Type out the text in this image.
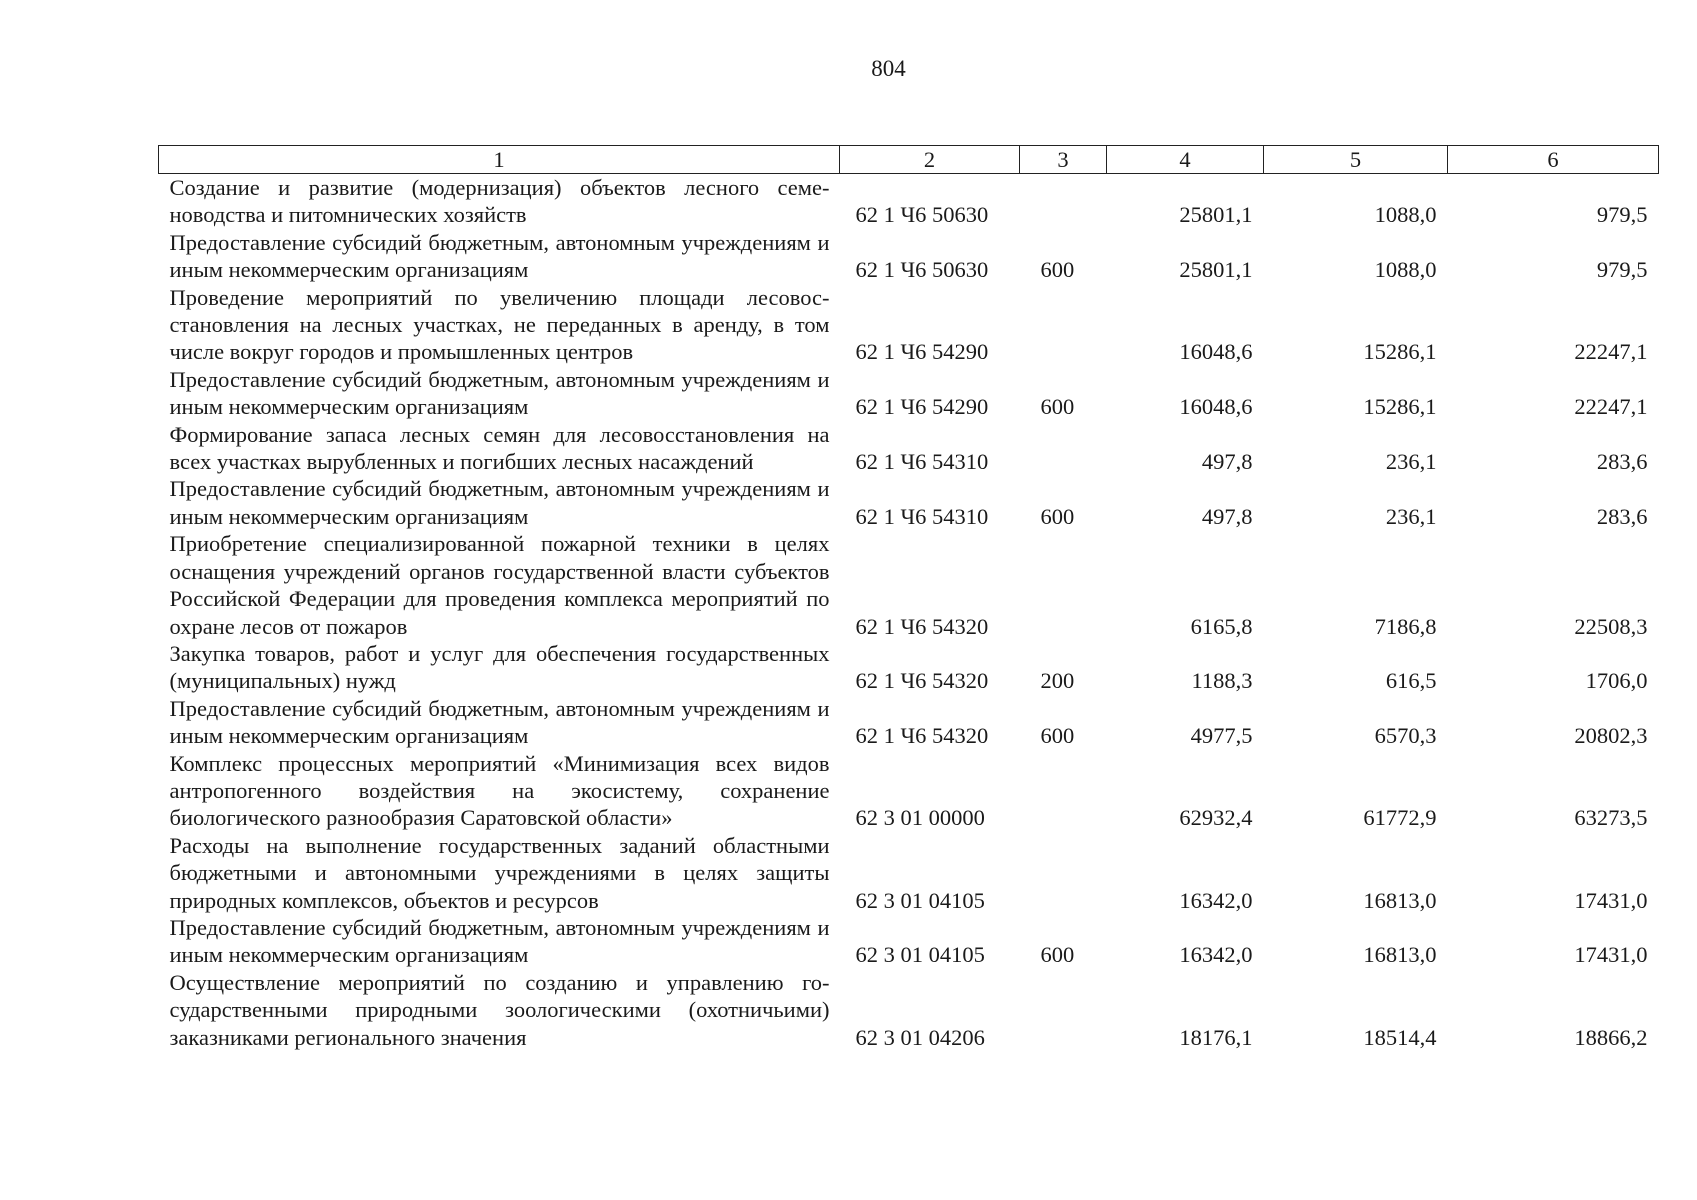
804
1	2	3	4	5	6
Создание и развитие (модернизация) объектов лесного семеноводства и питомнических хозяйств	62 1 Ч6 50630		25801,1	1088,0	979,5
Предоставление субсидий бюджетным, автономным учреждениям и иным некоммерческим организациям	62 1 Ч6 50630	600	25801,1	1088,0	979,5
Проведение мероприятий по увеличению площади лесовосстановления на лесных участках, не переданных в аренду, в том числе вокруг городов и промышленных центров	62 1 Ч6 54290		16048,6	15286,1	22247,1
Предоставление субсидий бюджетным, автономным учреждениям и иным некоммерческим организациям	62 1 Ч6 54290	600	16048,6	15286,1	22247,1
Формирование запаса лесных семян для лесовосстановления на всех участках вырубленных и погибших лесных насаждений	62 1 Ч6 54310		497,8	236,1	283,6
Предоставление субсидий бюджетным, автономным учреждениям и иным некоммерческим организациям	62 1 Ч6 54310	600	497,8	236,1	283,6
Приобретение специализированной пожарной техники в целях оснащения учреждений органов государственной власти субъектов Российской Федерации для проведения комплекса мероприятий по охране лесов от пожаров	62 1 Ч6 54320		6165,8	7186,8	22508,3
Закупка товаров, работ и услуг для обеспечения государственных (муниципальных) нужд	62 1 Ч6 54320	200	1188,3	616,5	1706,0
Предоставление субсидий бюджетным, автономным учреждениям и иным некоммерческим организациям	62 1 Ч6 54320	600	4977,5	6570,3	20802,3
Комплекс процессных мероприятий «Минимизация всех видов антропогенного воздействия на экосистему, сохранение биологического разнообразия Саратовской области»	62 3 01 00000		62932,4	61772,9	63273,5
Расходы на выполнение государственных заданий областными бюджетными и автономными учреждениями в целях защиты природных комплексов, объектов и ресурсов	62 3 01 04105		16342,0	16813,0	17431,0
Предоставление субсидий бюджетным, автономным учреждениям и иным некоммерческим организациям	62 3 01 04105	600	16342,0	16813,0	17431,0
Осуществление мероприятий по созданию и управлению государственными природными зоологическими (охотничьими) заказниками регионального значения	62 3 01 04206		18176,1	18514,4	18866,2
